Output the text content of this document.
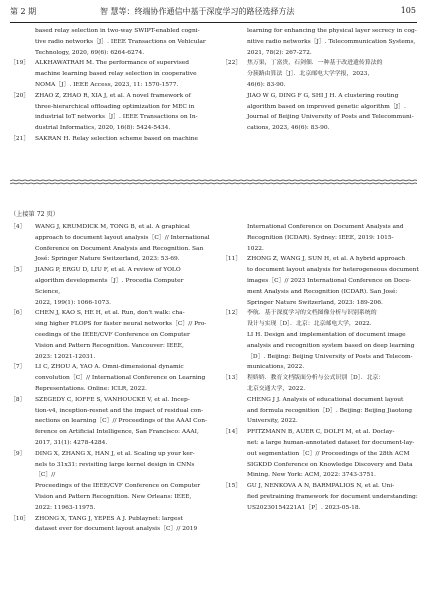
第 2 期	智 慧等：终端协作通信中基于深度学习的路径选择方法	105
based relay selection in two-way SWIPT-enabled cogni-
tive radio networks［J］. IEEE Transactions on Vehicular
Technology, 2020, 69(6): 6264-6274.
［19］ ALKHAWATRAH M. The performance of supervised
machine learning based relay selection in cooperative
NOMA［J］. IEEE Access, 2023, 11: 1570-1577.
［20］ ZHAO Z, ZHAO R, XIA J, et al. A novel framework of
three-hierarchical offloading optimization for MEC in
industrial IoT networks［J］. IEEE Transactions on In-
dustrial Informatics, 2020, 16(8): 5424-5434.
［21］ SAKRAN H. Relay selection scheme based on machine
learning for enhancing the physical layer secrecy in cog-
nitive radio networks［J］. Telecommunication Systems,
2021, 78(2): 267-272.
［22］ 焦万果，丁富贵，石剑佃．一种基于改进遗传算法的
分簇路由算法［J］．北京邮电大学学报，2023，
46(6): 83-90.
JIAO W G, DING F G, SHI J H. A clustering routing
algorithm based on improved genetic algorithm［J］.
Journal of Beijing University of Posts and Telecommuni-
cations, 2023, 46(6): 83-90.
（上接第 72 页）
［4］ WANG J, KRUMDICK M, TONG B, et al. A graphical
approach to document layout analysis［C］// International
Conference on Document Analysis and Recognition. San
José: Springer Nature Switzerland, 2023: 53-69.
［5］ JIANG P, ERGU D, LIU F, et al. A review of YOLO
algorithm developments［J］. Procedia Computer Science,
2022, 199(1): 1066-1073.
［6］ CHEN J, KAO S, HE H, et al. Run, don't walk: cha-
sing higher FLOPS for faster neural networks［C］// Pro-
ceedings of the IEEE/CVF Conference on Computer
Vision and Pattern Recognition. Vancouver: IEEE,
2023: 12021-12031.
［7］ LI C, ZHOU A, YAO A. Omni-dimensional dynamic
convolution［C］// International Conference on Learning
Representations. Online: ICLR, 2022.
［8］ SZEGEDY C, IOFFE S, VANHOUCKE V, et al. Incep-
tion-v4, inception-resnet and the impact of residual con-
nections on learning［C］// Proceedings of the AAAI Con-
ference on Artificial Intelligence, San Francisco: AAAI,
2017, 31(1): 4278-4284.
［9］ DING X, ZHANG X, HAN J, et al. Scaling up your ker-
nels to 31x31: revisiting large kernel design in CNNs［C］//
Proceedings of the IEEE/CVF Conference on Computer
Vision and Pattern Recognition. New Orleans: IEEE,
2022: 11963-11975.
［10］ ZHONG X, TANG J, YEPES A J. Publaynet: largest
dataset ever for document layout analysis［C］// 2019
International Conference on Document Analysis and
Recognition (ICDAR). Sydney: IEEE, 2019: 1015-
1022.
［11］ ZHONG Z, WANG J, SUN H, et al. A hybrid approach
to document layout analysis for heterogeneous document
images［C］// 2023 International Conference on Docu-
ment Analysis and Recognition (ICDAR). San José:
Springer Nature Switzerland, 2023: 189-206.
［12］ 李航．基于深度学习的文档图像分析与识别系统的
设计与实现［D］．北京：北京邮电大学，2022.
LI H. Design and implementation of document image
analysis and recognition system based on deep learning
［D］. Beijing: Beijing University of Posts and Telecom-
munications, 2022.
［13］ 程娇娇．教育文档版面分析与公式识别［D］．北京：
北京交通大学，2022.
CHENG J J. Analysis of educational document layout
and formula recognition［D］. Beijing: Beijing Jiaotong
University, 2022.
［14］ PFITZMANN B, AUER C, DOLFI M, et al. Doclay-
net: a large human-annotated dataset for document-lay-
out segmentation［C］// Proceedings of the 28th ACM
SIGKDD Conference on Knowledge Discovery and Data
Mining. New York: ACM, 2022: 3743-3751.
［15］ GU J, NENKOVA A N, BARMPALIOS N, et al. Uni-
fied pretraining framework for document understanding:
US20230154221A1［P］. 2023-05-18.
